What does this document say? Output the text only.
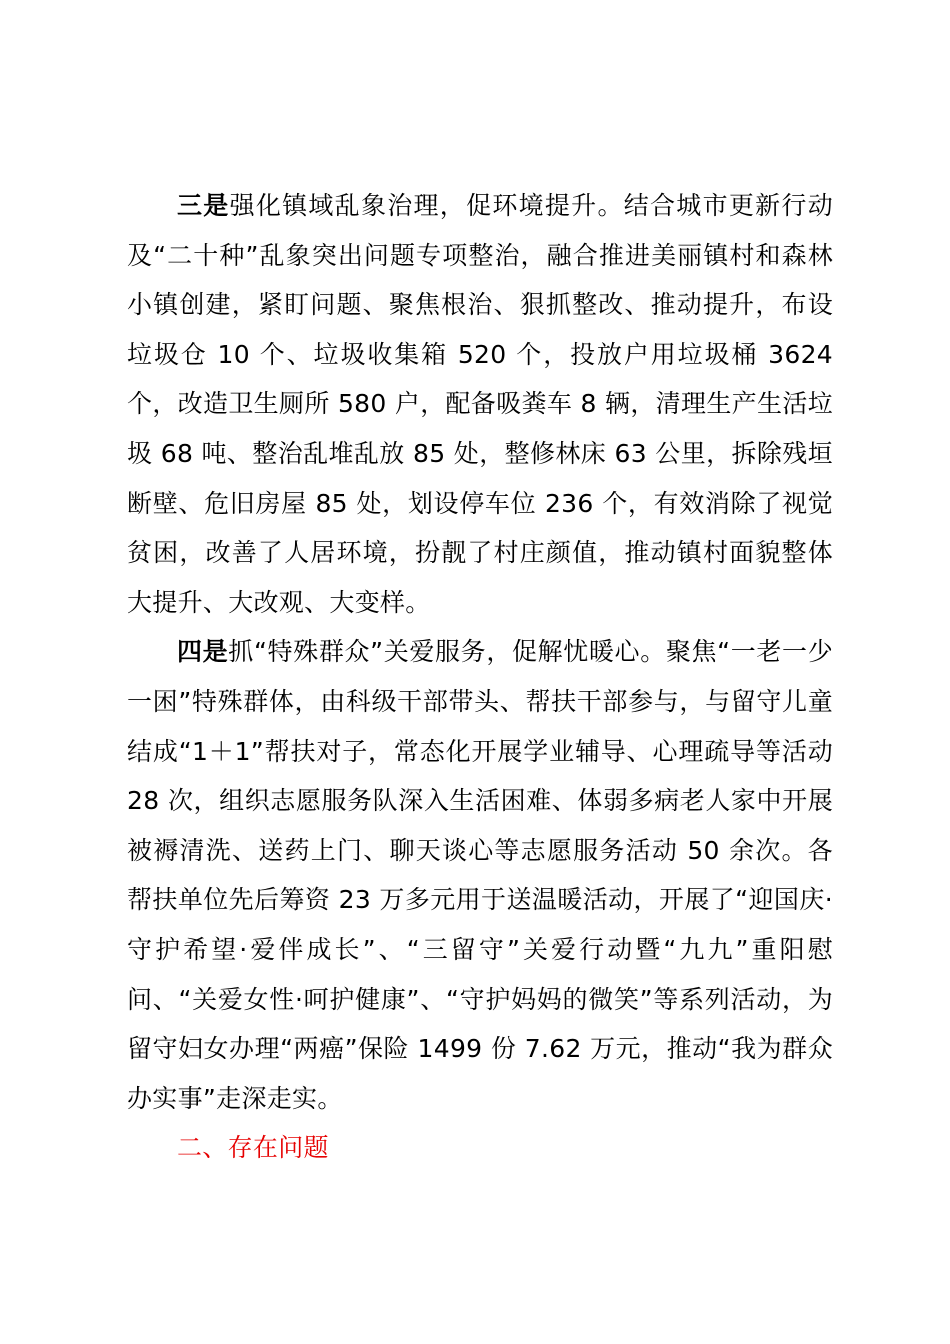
三是强化镇域乱象治理，促环境提升。结合城市更新行动及“二十种”乱象突出问题专项整治，融合推进美丽镇村和森林小镇创建，紧盯问题、聚焦根治、狠抓整改、推动提升，布设垃圾仓 10 个、垃圾收集箱 520 个，投放户用垃圾桶 3624 个，改造卫生厕所 580 户，配备吸粪车 8 辆，清理生产生活垃圾 68 吨、整治乱堆乱放 85 处，整修林床 63 公里，拆除残垣断壁、危旧房屋 85 处，划设停车位 236 个，有效消除了视觉贫困，改善了人居环境，扮靓了村庄颜值，推动镇村面貌整体大提升、大改观、大变样。

四是抓“特殊群众”关爱服务，促解忧暖心。聚焦“一老一少一困”特殊群体，由科级干部带头、帮扶干部参与，与留守儿童结成“1＋1”帮扶对子，常态化开展学业辅导、心理疏导等活动 28 次，组织志愿服务队深入生活困难、体弱多病老人家中开展被褥清洗、送药上门、聊天谈心等志愿服务活动 50 余次。各帮扶单位先后筹资 23 万多元用于送温暖活动，开展了“迎国庆·守护希望·爱伴成长”、“三留守”关爱行动暨“九九”重阳慰问、“关爱女性·呵护健康”、“守护妈妈的微笑”等系列活动，为留守妇女办理“两癌”保险 1499 份 7.62 万元，推动“我为群众办实事”走深走实。

二、存在问题
